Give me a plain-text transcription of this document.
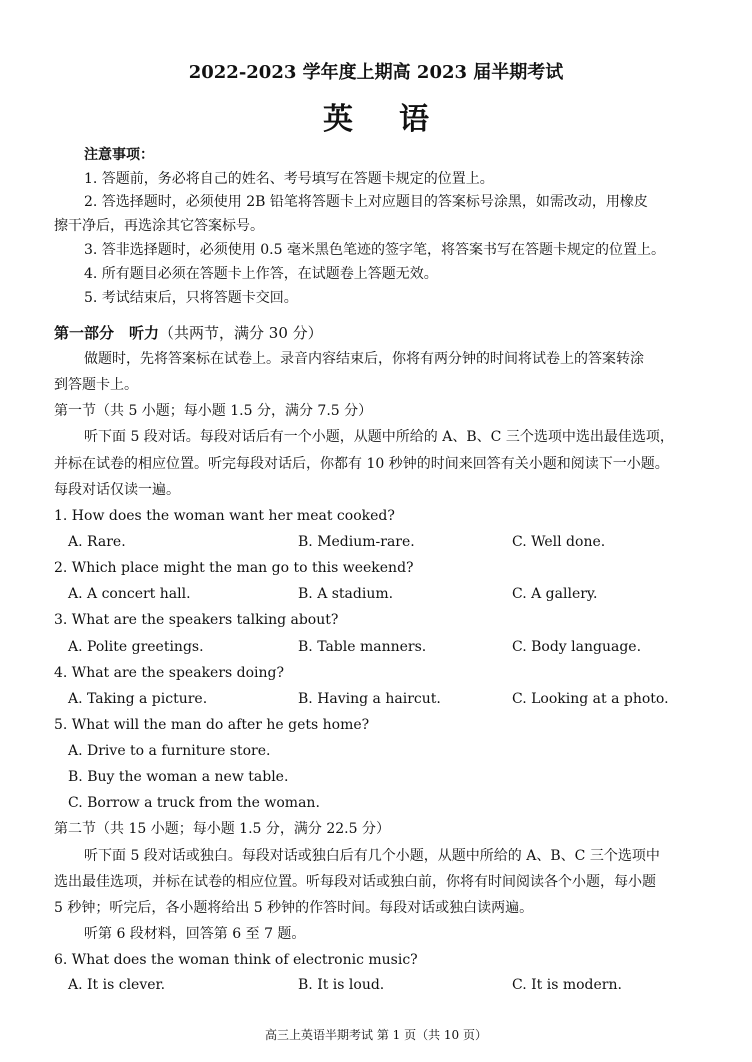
2022-2023 学年度上期高 2023 届半期考试
英语
注意事项：
1. 答题前，务必将自己的姓名、考号填写在答题卡规定的位置上。
2. 答选择题时，必须使用 2B 铅笔将答题卡上对应题目的答案标号涂黑，如需改动，用橡皮
擦干净后，再选涂其它答案标号。
3. 答非选择题时，必须使用 0.5 毫米黑色笔迹的签字笔，将答案书写在答题卡规定的位置上。
4. 所有题目必须在答题卡上作答，在试题卷上答题无效。
5. 考试结束后，只将答题卡交回。
第一部分　听力（共两节，满分 30 分）
做题时，先将答案标在试卷上。录音内容结束后，你将有两分钟的时间将试卷上的答案转涂
到答题卡上。
第一节（共 5 小题；每小题 1.5 分，满分 7.5 分）
听下面 5 段对话。每段对话后有一个小题，从题中所给的 A、B、C 三个选项中选出最佳选项，
并标在试卷的相应位置。听完每段对话后，你都有 10 秒钟的时间来回答有关小题和阅读下一小题。
每段对话仅读一遍。
1. How does the woman want her meat cooked?
A. Rare.	B. Medium-rare.	C. Well done.
2. Which place might the man go to this weekend?
A. A concert hall.	B. A stadium.	C. A gallery.
3. What are the speakers talking about?
A. Polite greetings.	B. Table manners.	C. Body language.
4. What are the speakers doing?
A. Taking a picture.	B. Having a haircut.	C. Looking at a photo.
5. What will the man do after he gets home?
A. Drive to a furniture store.
B. Buy the woman a new table.
C. Borrow a truck from the woman.
第二节（共 15 小题；每小题 1.5 分，满分 22.5 分）
听下面 5 段对话或独白。每段对话或独白后有几个小题，从题中所给的 A、B、C 三个选项中
选出最佳选项，并标在试卷的相应位置。听每段对话或独白前，你将有时间阅读各个小题，每小题
5 秒钟；听完后，各小题将给出 5 秒钟的作答时间。每段对话或独白读两遍。
听第 6 段材料，回答第 6 至 7 题。
6. What does the woman think of electronic music?
A. It is clever.	B. It is loud.	C. It is modern.
高三上英语半期考试 第 1 页（共 10 页）
